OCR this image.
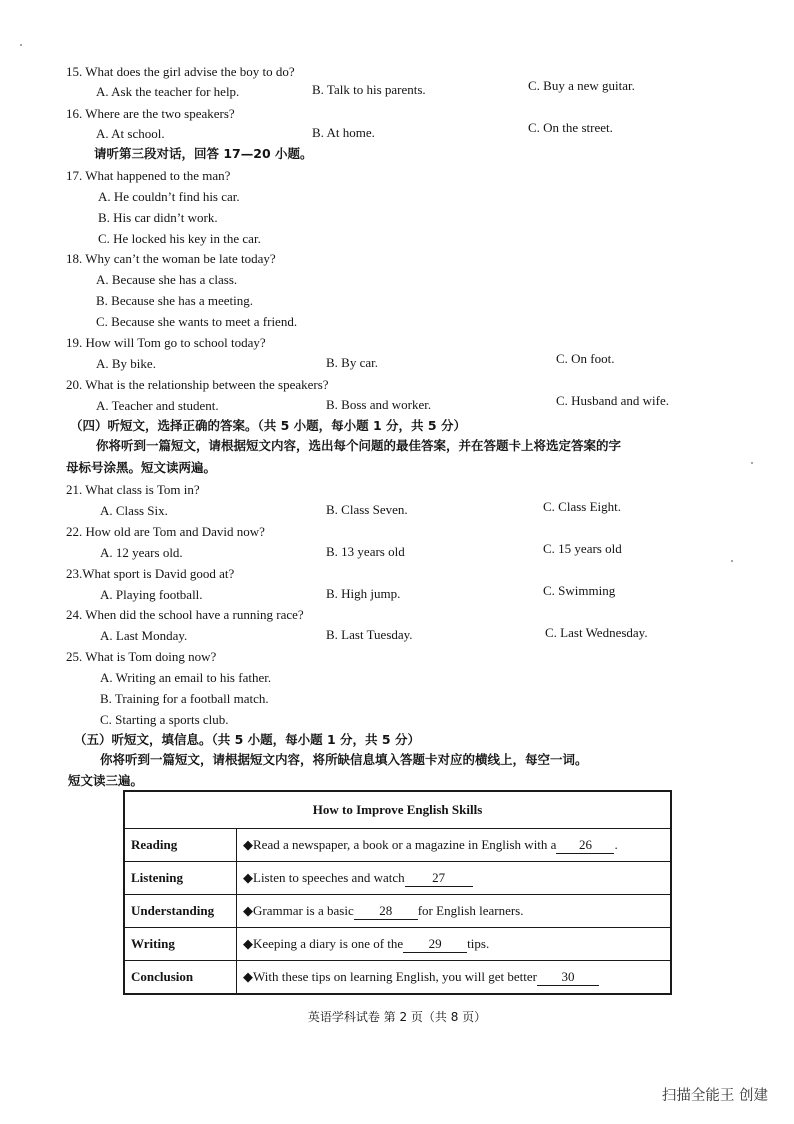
15. What does the girl advise the boy to do?
A. Ask the teacher for help.	B. Talk to his parents.	C. Buy a new guitar.
16. Where are the two speakers?
A. At school.	B. At home.	C. On the street.
请听第三段对话，回答 17—20 小题。
17. What happened to the man?
A. He couldn’t find his car.
B. His car didn’t work.
C. He locked his key in the car.
18. Why can’t the woman be late today?
A. Because she has a class.
B. Because she has a meeting.
C. Because she wants to meet a friend.
19. How will Tom go to school today?
A. By bike.	B. By car.	C. On foot.
20. What is the relationship between the speakers?
A. Teacher and student.	B. Boss and worker.	C. Husband and wife.
（四）听短文，选择正确的答案。（共 5 小题，每小题 1 分，共 5 分）
你将听到一篇短文，请根据短文内容，选出每个问题的最佳答案，并在答题卡上将选定答案的字
母标号涂黑。短文读两遍。
21. What class is Tom in?
A. Class Six.	B. Class Seven.	C. Class Eight.
22. How old are Tom and David now?
A. 12 years old.	B. 13 years old	C. 15 years old
23.What sport is David good at?
A. Playing football.	B. High jump.	C. Swimming
24. When did the school have a running race?
A. Last Monday.	B. Last Tuesday.	C. Last Wednesday.
25. What is Tom doing now?
A. Writing an email to his father.
B. Training for a football match.
C. Starting a sports club.
（五）听短文，填信息。（共 5 小题，每小题 1 分，共 5 分）
你将听到一篇短文，请根据短文内容，将所缺信息填入答题卡对应的横线上，每空一词。
短文读三遍。
How to Improve English Skills	
Reading	◆Read a newspaper, a book or a magazine in English with a 26 .
Listening	◆Listen to speeches and watch 27
Understanding	◆Grammar is a basic 28 for English learners.
Writing	◆Keeping a diary is one of the 29 tips.
Conclusion	◆With these tips on learning English, you will get better 30
英语学科试卷 第 2 页（共 8 页）
扫描全能王 创建
